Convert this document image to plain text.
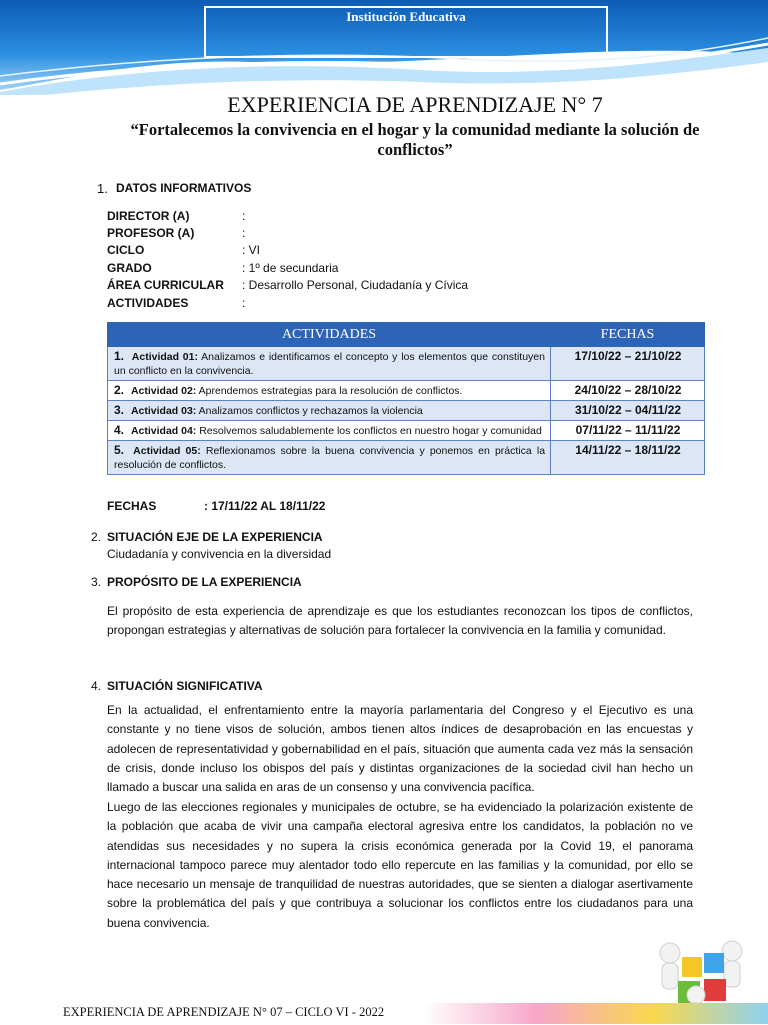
Institución Educativa
EXPERIENCIA DE APRENDIZAJE N° 7
“Fortalecemos la convivencia en el hogar y la comunidad mediante la solución de conflictos”
1. DATOS INFORMATIVOS
DIRECTOR (A)	:
PROFESOR (A)	:
CICLO	: VI
GRADO	: 1º de secundaria
ÁREA CURRICULAR : Desarrollo Personal, Ciudadanía y Cívica
ACTIVIDADES	:
ACTIVIDADES	FECHAS
1. Actividad 01: Analizamos e identificamos el concepto y los elementos que constituyen un conflicto en la convivencia.	17/10/22 – 21/10/22
2. Actividad 02: Aprendemos estrategias para la resolución de conflictos.	24/10/22 – 28/10/22
3. Actividad 03: Analizamos conflictos y rechazamos la violencia	31/10/22 – 04/11/22
4. Actividad 04: Resolvemos saludablemente los conflictos en nuestro hogar y comunidad	07/11/22 – 11/11/22
5. Actividad 05: Reflexionamos sobre la buena convivencia y ponemos en práctica la resolución de conflictos.	14/11/22 – 18/11/22
FECHAS	: 17/11/22 AL 18/11/22
2. SITUACIÓN EJE DE LA EXPERIENCIA
Ciudadanía y convivencia en la diversidad
3. PROPÓSITO DE LA EXPERIENCIA
El propósito de esta experiencia de aprendizaje es que los estudiantes reconozcan los tipos de conflictos, propongan estrategias y alternativas de solución para fortalecer la convivencia en la familia y comunidad.
4. SITUACIÓN SIGNIFICATIVA
En la actualidad, el enfrentamiento entre la mayoría parlamentaria del Congreso y el Ejecutivo es una constante y no tiene visos de solución, ambos tienen altos índices de desaprobación en las encuestas y adolecen de representatividad y gobernabilidad en el país, situación que aumenta cada vez más la sensación de crisis, donde incluso los obispos del país y distintas organizaciones de la sociedad civil han hecho un llamado a buscar una salida en aras de un consenso y una convivencia pacífica.
Luego de las elecciones regionales y municipales de octubre, se ha evidenciado la polarización existente de la población que acaba de vivir una campaña electoral agresiva entre los candidatos, la población no ve atendidas sus necesidades y no supera la crisis económica generada por la Covid 19, el panorama internacional tampoco parece muy alentador todo ello repercute en las familias y la comunidad, por ello se hace necesario un mensaje de tranquilidad de nuestras autoridades, que se sienten a dialogar asertivamente sobre la problemática del país y que contribuya a solucionar los conflictos entre los ciudadanos para una buena convivencia.
EXPERIENCIA DE APRENDIZAJE N° 07 – CICLO VI - 2022
